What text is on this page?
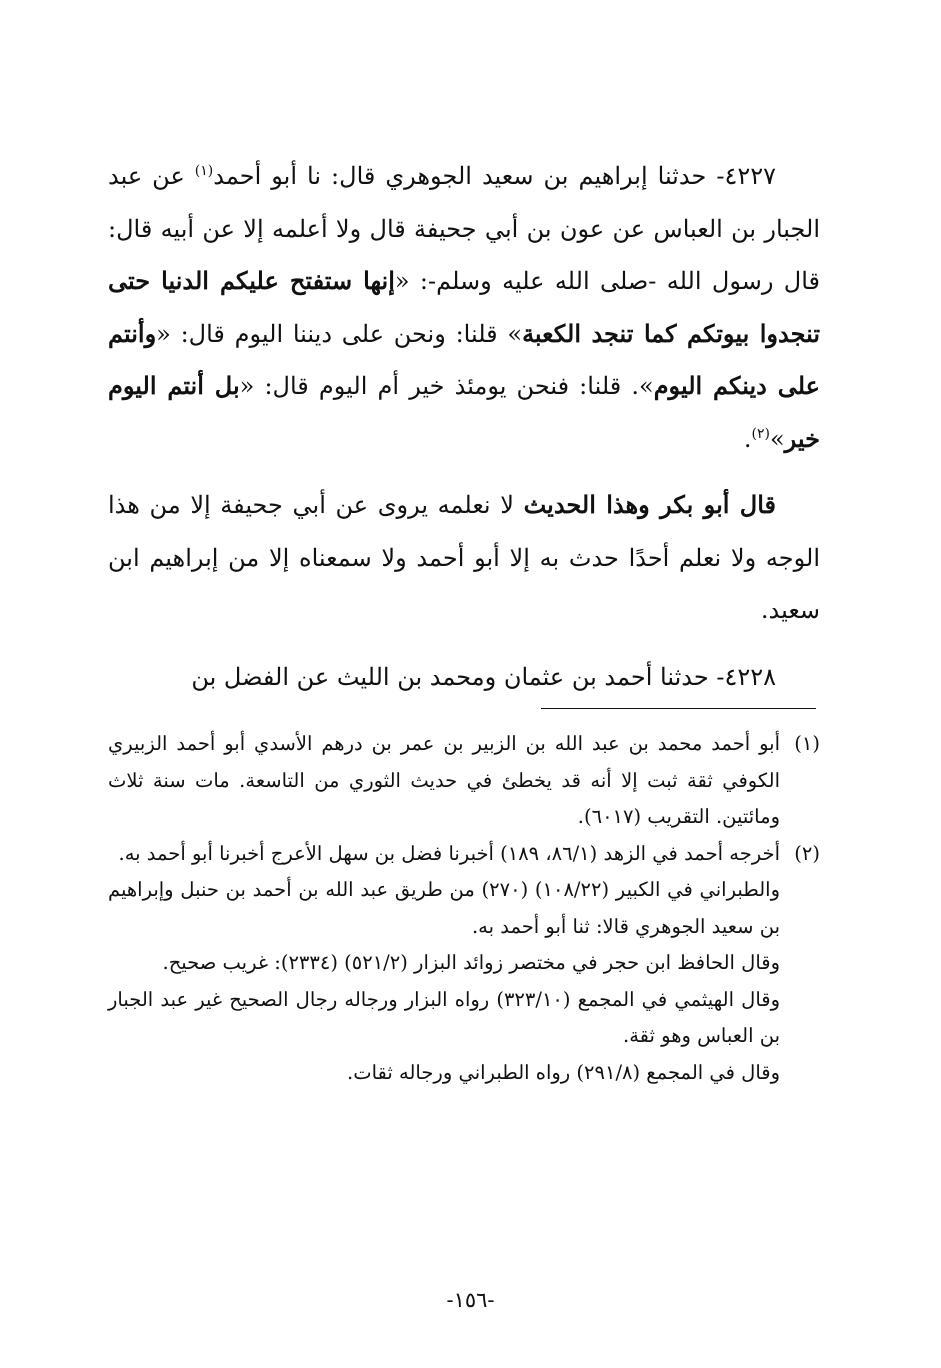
٤٢٢٧- حدثنا إبراهيم بن سعيد الجوهري قال: نا أبو أحمد$^{(١)}$ عن عبد الجبار بن العباس عن عون بن أبي جحيفة قال ولا أعلمه إلا عن أبيه قال: قال رسول الله -صلى الله عليه وسلم-: «إنها ستفتح عليكم الدنيا حتى تنجدوا بيوتكم كما تنجد الكعبة» قلنا: ونحن على ديننا اليوم قال: «وأنتم على دينكم اليوم». قلنا: فنحن يومئذ خير أم اليوم قال: «بل أنتم اليوم خير»$^{(٢)}$.

قال أبو بكر وهذا الحديث لا نعلمه يروى عن أبي جحيفة إلا من هذا الوجه ولا نعلم أحدًا حدث به إلا أبو أحمد ولا سمعناه إلا من إبراهيم ابن سعيد.

٤٢٢٨- حدثنا أحمد بن عثمان ومحمد بن الليث عن الفضل بن

(١)
أبو أحمد محمد بن عبد الله بن الزبير بن عمر بن درهم الأسدي أبو أحمد الزبيري الكوفي ثقة ثبت إلا أنه قد يخطئ في حديث الثوري من التاسعة. مات سنة ثلاث ومائتين. التقريب (٦٠١٧).

(٢)
أخرجه أحمد في الزهد (٨٦/١، ١٨٩) أخبرنا فضل بن سهل الأعرج أخبرنا أبو أحمد به.

والطبراني في الكبير (١٠٨/٢٢) (٢٧٠) من طريق عبد الله بن أحمد بن حنبل وإبراهيم بن سعيد الجوهري قالا: ثنا أبو أحمد به.

وقال الحافظ ابن حجر في مختصر زوائد البزار (٥٢١/٢) (٢٣٣٤): غريب صحيح.

وقال الهيثمي في المجمع (٣٢٣/١٠) رواه البزار ورجاله رجال الصحيح غير عبد الجبار بن العباس وهو ثقة.

وقال في المجمع (٢٩١/٨) رواه الطبراني ورجاله ثقات.

-١٥٦-
